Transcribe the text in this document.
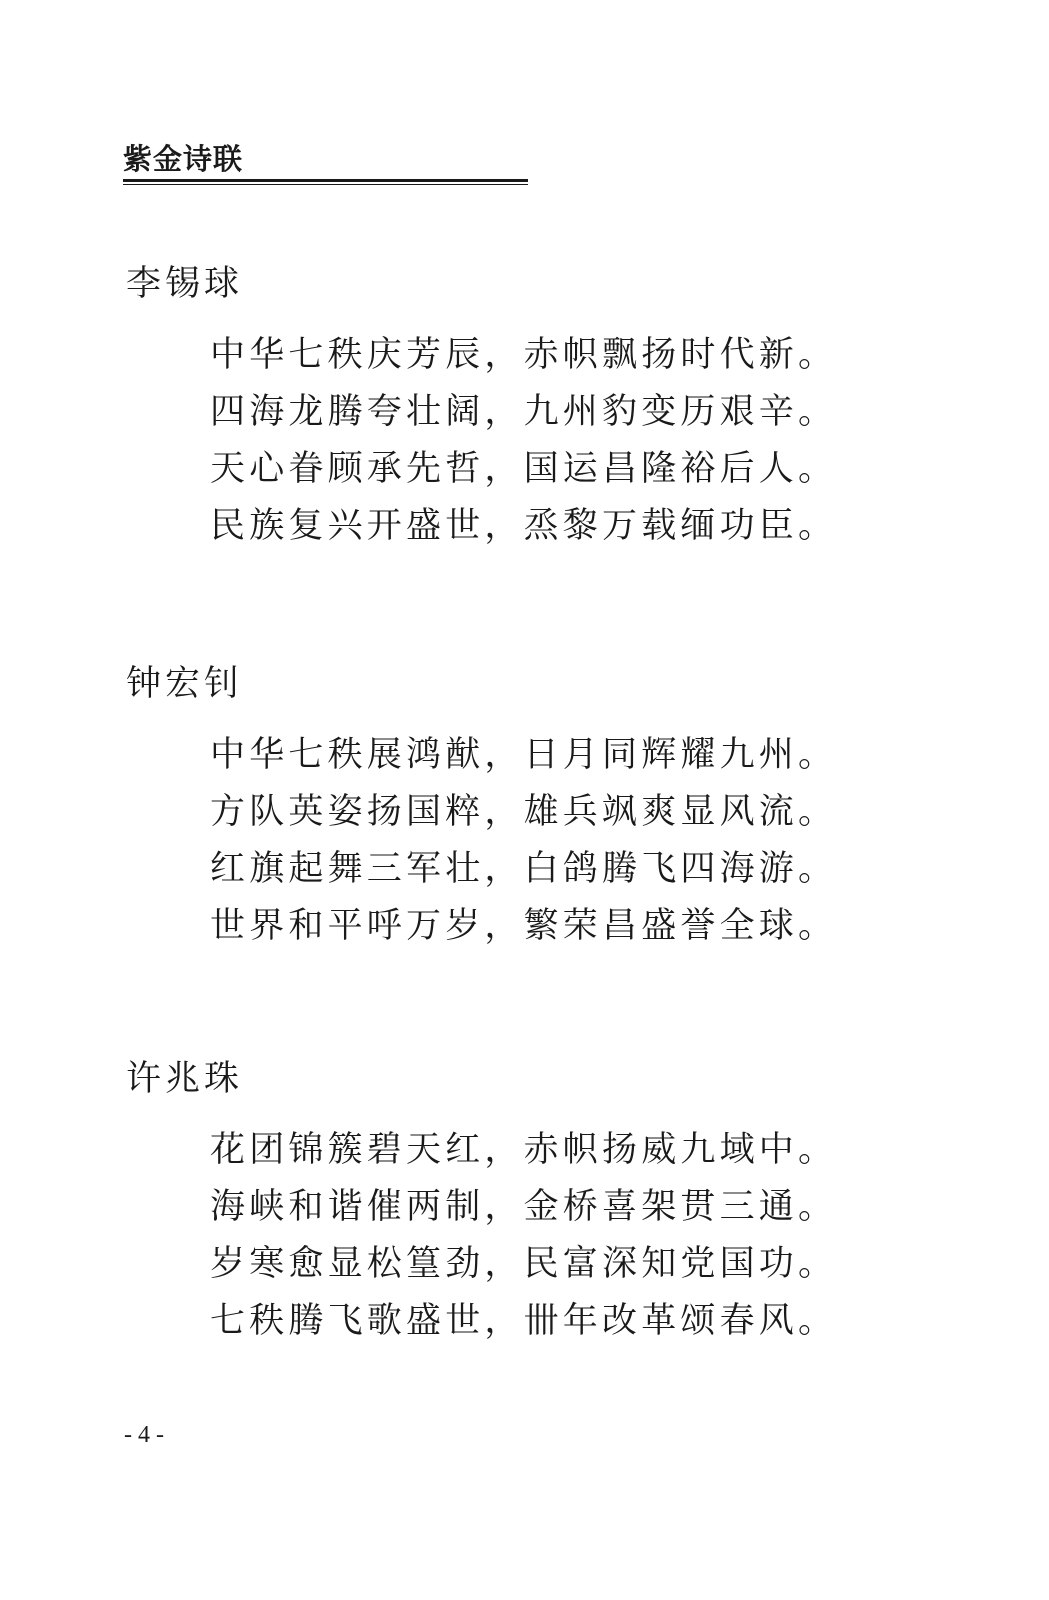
紫金诗联
李锡球
中华七秩庆芳辰，赤帜飘扬时代新。
四海龙腾夸壮阔，九州豹变历艰辛。
天心眷顾承先哲，国运昌隆裕后人。
民族复兴开盛世，烝黎万载缅功臣。
钟宏钊
中华七秩展鸿猷，日月同辉耀九州。
方队英姿扬国粹，雄兵飒爽显风流。
红旗起舞三军壮，白鸽腾飞四海游。
世界和平呼万岁，繁荣昌盛誉全球。
许兆珠
花团锦簇碧天红，赤帜扬威九域中。
海峡和谐催两制，金桥喜架贯三通。
岁寒愈显松篁劲，民富深知党国功。
七秩腾飞歌盛世，卌年改革颂春风。
- 4 -
